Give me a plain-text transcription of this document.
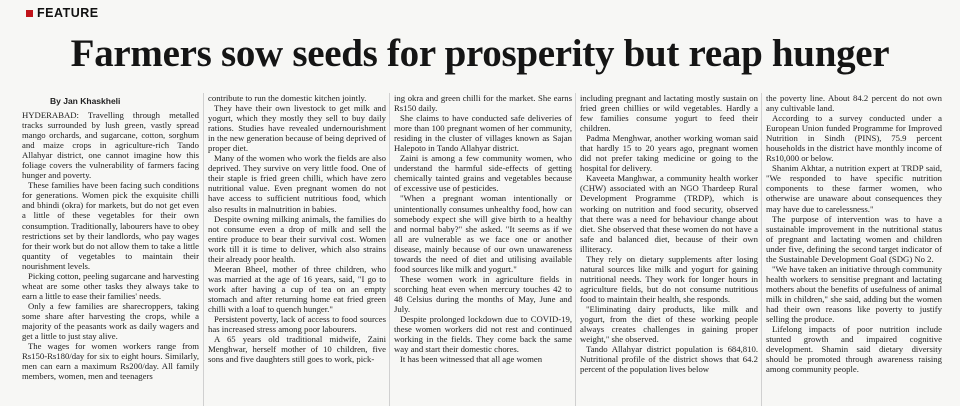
FEATURE
Farmers sow seeds for prosperity but reap hunger
By Jan Khaskheli

HYDERABAD: Travelling through metalled tracks surrounded by lush green, vastly spread mango orchards, and sugarcane, cotton, sorghum and maize crops in agriculture-rich Tando Allahyar district, one cannot imagine how this foliage covers the vulnerability of farmers facing hunger and poverty.

These families have been facing such conditions for generations. Women pick the exquisite chilli and bhindi (okra) for markets, but do not get even a little of these vegetables for their own consumption. Traditionally, labourers have to obey restrictions set by their landlords, who pay wages for their work but do not allow them to take a little quantity of vegetables to maintain their nourishment levels.

Picking cotton, peeling sugarcane and harvesting wheat are some other tasks they always take to earn a little to ease their families' needs.

Only a few families are sharecroppers, taking some share after harvesting the crops, while a majority of the peasants work as daily wagers and get a little to just stay alive.

The wages for women workers range from Rs150-Rs180/day for six to eight hours. Similarly, men can earn a maximum Rs200/day. All family members, women, men and teenagers

contribute to run the domestic kitchen jointly.

They have their own livestock to get milk and yogurt, which they mostly they sell to buy daily rations. Studies have revealed undernourishment in the new generation because of being deprived of proper diet.

Many of the women who work the fields are also deprived. They survive on very little food. One of their staple is fried green chilli, which have zero nutritional value. Even pregnant women do not have access to sufficient nutritious food, which also results in malnutrition in babies.

Despite owning milking animals, the families do not consume even a drop of milk and sell the entire produce to bear their survival cost. Women work till it is time to deliver, which also strains their already poor health.

Meeran Bheel, mother of three children, who was married at the age of 16 years, said, "I go to work after having a cup of tea on an empty stomach and after returning home eat fried green chilli with a loaf to quench hunger."

Persistent poverty, lack of access to food sources has increased stress among poor labourers.

A 65 years old traditional midwife, Zaini Menghwar, herself mother of 10 children, five sons and five daughters still goes to work, pick-

ing okra and green chilli for the market. She earns Rs150 daily.

She claims to have conducted safe deliveries of more than 100 pregnant women of her community, residing in the cluster of villages known as Sajan Halepoto in Tando Allahyar district.

Zaini is among a few community women, who understand the harmful side-effects of getting chemically tainted grains and vegetables because of excessive use of pesticides.

"When a pregnant woman intentionally or unintentionally consumes unhealthy food, how can somebody expect she will give birth to a healthy and normal baby?" she asked. "It seems as if we all are vulnerable as we face one or another disease, mainly because of our own unawareness towards the need of diet and utilising available food sources like milk and yogurt."

These women work in agriculture fields in scorching heat even when mercury touches 42 to 48 Celsius during the months of May, June and July.

Despite prolonged lockdown due to COVID-19, these women workers did not rest and continued working in the fields. They come back the same way and start their domestic chores.

It has been witnessed that all age women

including pregnant and lactating mostly sustain on fried green chillies or wild vegetables. Hardly a few families consume yogurt to feed their children.

Padma Menghwar, another working woman said that hardly 15 to 20 years ago, pregnant women did not prefer taking medicine or going to the hospital for delivery.

Kaveeta Manghwar, a community health worker (CHW) associated with an NGO Thardeep Rural Development Programme (TRDP), which is working on nutrition and food security, observed that there was a need for behaviour change about diet. She observed that these women do not have a safe and balanced diet, because of their own illiteracy.

They rely on dietary supplements after losing natural sources like milk and yogurt for gaining nutritional needs. They work for longer hours in agriculture fields, but do not consume nutritious food to maintain their health, she responds.

"Eliminating dairy products, like milk and yogurt, from the diet of these working people always creates challenges in gaining proper weight," she observed.

Tando Allahyar district population is 684,810. Nutritional profile of the district shows that 64.2 percent of the population lives below

the poverty line. About 84.2 percent do not own any cultivable land.

According to a survey conducted under a European Union funded Programme for Improved Nutrition in Sindh (PINS), 75.9 percent households in the district have monthly income of Rs10,000 or below.

Shanim Akhtar, a nutrition expert at TRDP said, "We responded to have specific nutrition components to these farmer women, who otherwise are unaware about consequences they may have due to carelessness."

The purpose of intervention was to have a sustainable improvement in the nutritional status of pregnant and lactating women and children under five, defining the second target indicator of the Sustainable Development Goal (SDG) No 2.

"We have taken an initiative through community health workers to sensitise pregnant and lactating mothers about the benefits of usefulness of animal milk in children," she said, adding but the women had their own reasons like poverty to justify selling the produce.

Lifelong impacts of poor nutrition include stunted growth and impaired cognitive development. Shamin said dietary diversity should be promoted through awareness raising among community people.
